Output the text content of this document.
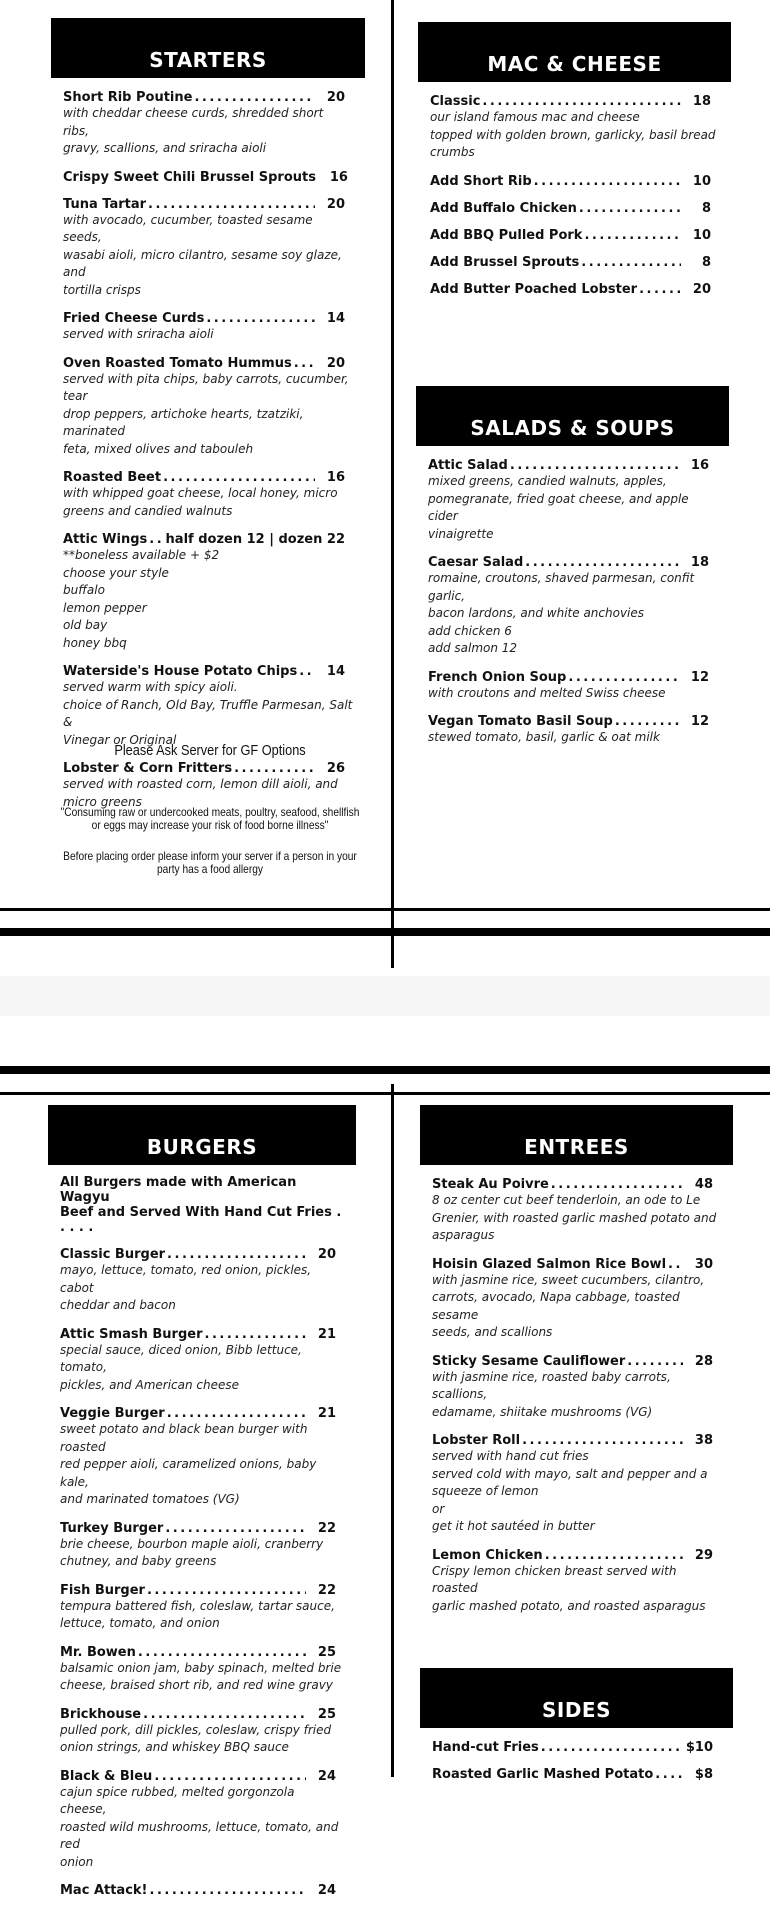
STARTERS
Short Rib Poutine . . .	20
with cheddar cheese curds, shredded short ribs,
gravy, scallions, and sriracha aioli
Crispy Sweet Chili Brussel Sprouts	16
Tuna Tartar . . .	20
with avocado, cucumber, toasted sesame seeds,
wasabi aioli, micro cilantro, sesame soy glaze, and
tortilla crisps
Fried Cheese Curds . . .	14
served with sriracha aioli
Oven Roasted Tomato Hummus . . .	20
served with pita chips, baby carrots, cucumber, tear
drop peppers, artichoke hearts, tzatziki, marinated
feta, mixed olives and tabouleh
Roasted Beet . . .	16
with whipped goat cheese, local honey, micro
greens and candied walnuts
Attic Wings . . . half dozen 12 | dozen 22
**boneless available + $2
choose your style
buffalo
lemon pepper
old bay
honey bbq
Waterside's House Potato Chips . . .	14
served warm with spicy aioli.
choice of Ranch, Old Bay, Truffle Parmesan, Salt &
Vinegar or Original
Lobster & Corn Fritters . . .	26
served with roasted corn, lemon dill aioli, and
micro greens
Please Ask Server for GF Options
"Consuming raw or undercooked meats, poultry, seafood, shellfish or eggs may increase your risk of food borne illness"
Before placing order please inform your server if a person in your party has a food allergy
MAC & CHEESE
Classic . . .	18
our island famous mac and cheese
topped with golden brown, garlicky, basil bread
crumbs
Add Short Rib . . .	10
Add Buffalo Chicken . . .	8
Add BBQ Pulled Pork . . .	10
Add Brussel Sprouts . . .	8
Add Butter Poached Lobster . . .	20
SALADS & SOUPS
Attic Salad . . .	16
mixed greens, candied walnuts, apples,
pomegranate, fried goat cheese, and apple cider
vinaigrette
Caesar Salad . . .	18
romaine, croutons, shaved parmesan, confit garlic,
bacon lardons, and white anchovies
add chicken 6
add salmon 12
French Onion Soup . . .	12
with croutons and melted Swiss cheese
Vegan Tomato Basil Soup . . .	12
stewed tomato, basil, garlic & oat milk
BURGERS
All Burgers made with American Wagyu
Beef and Served With Hand Cut Fries . . . . .
Classic Burger . . .	20
mayo, lettuce, tomato, red onion, pickles, cabot
cheddar and bacon
Attic Smash Burger . . .	21
special sauce, diced onion, Bibb lettuce, tomato,
pickles, and American cheese
Veggie Burger . . .	21
sweet potato and black bean burger with roasted
red pepper aioli, caramelized onions, baby kale,
and marinated tomatoes (VG)
Turkey Burger . . .	22
brie cheese, bourbon maple aioli, cranberry
chutney, and baby greens
Fish Burger . . .	22
tempura battered fish, coleslaw, tartar sauce,
lettuce, tomato, and onion
Mr. Bowen . . .	25
balsamic onion jam, baby spinach, melted brie
cheese, braised short rib, and red wine gravy
Brickhouse . . .	25
pulled pork, dill pickles, coleslaw, crispy fried
onion strings, and whiskey BBQ sauce
Black & Bleu . . .	24
cajun spice rubbed, melted gorgonzola cheese,
roasted wild mushrooms, lettuce, tomato, and red
onion
Mac Attack! . . .	24
ENTREES
Steak Au Poivre . . .	48
8 oz center cut beef tenderloin, an ode to Le
Grenier, with roasted garlic mashed potato and
asparagus
Hoisin Glazed Salmon Rice Bowl . . .	30
with jasmine rice, sweet cucumbers, cilantro,
carrots, avocado, Napa cabbage, toasted sesame
seeds, and scallions
Sticky Sesame Cauliflower . . .	28
with jasmine rice, roasted baby carrots, scallions,
edamame, shiitake mushrooms (VG)
Lobster Roll . . .	38
served with hand cut fries
served cold with mayo, salt and pepper and a
squeeze of lemon
or
get it hot sautéed in butter
Lemon Chicken . . .	29
Crispy lemon chicken breast served with roasted
garlic mashed potato, and roasted asparagus
SIDES
Hand-cut Fries . . .	$10
Roasted Garlic Mashed Potato . . .	$8
